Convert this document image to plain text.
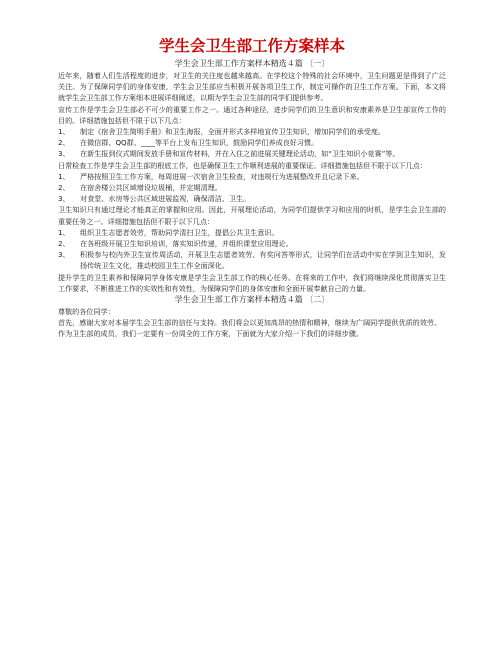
学生会卫生部工作方案样本
学生会卫生部工作方案样本精选４篇 〔一〕

近年来，随着人们生活程度的进步，对卫生的关注度也越来越高。在学校这个特殊的社会环境中，卫生问题更是得到了广泛关注。为了保障同学们的身体安康，学生会卫生部应当积极开展各项卫生工作，制定可操作的卫生工作方案。下面，本文将就学生会卫生部工作方案细本进展详细阐述，以期为学生会卫生部的同学们提供参考。

宣传工作是学生会卫生部必不可少的重要工作之一。通过各种途径，进步同学们的卫生意识和安康素养是卫生部宣传工作的目的。详细措施包括但不限于以下几点：

1、	制定《宿舍卫生简明手册》和卫生海报，全面并形式多样地宣传卫生知识，增加同学们的承受度。
2、	在微信群、QQ群、____等平台上发布卫生知识，鼓励同学们养成良好习惯。
3、	在新生报到仪式期间发放手册和宣传材料，并在入住之前进展关键理论活动，如“卫生知识小竞赛”等。

日常检查工作是学生会卫生部的根底工作，也是确保卫生工作顺利进展的重要保证。详细措施包括但不限于以下几点：

1、	严格按照卫生工作方案，每周进展一次宿舍卫生检查，对违规行为进展整改并且记录下来。
2、	在宿舍楼公共区域增设垃圾桶，并定期清理。
3、	对食堂、水房等公共区域进展监视，确保清洁、卫生。

卫生知识只有通过理论才能真正的掌握和应用。因此，开展理论活动，为同学们提供学习和应用的时机，是学生会卫生部的重要任务之一。详细措施包括但不限于以下几点：

1、	组织卫生志愿者效劳，帮助同学清扫卫生，提倡公共卫生意识。
2、	在各班级开展卫生知识培训，落实知识传递，并组织课堂应用理论。
3、	积极参与校内外卫生宣传周活动，开展卫生志愿者效劳、有奖问答等形式，让同学们在活动中实在学到卫生知识，发扬传统卫生文化，推动校园卫生工作全面深化。

提升学生的卫生素养和保障同学身体安康是学生会卫生部工作的核心任务。在将来的工作中，我们将继续深化贯彻落实卫生工作要求，不断推进工作的实效性和有效性，为保障同学们的身体安康和全面开展奉献自己的力量。

学生会卫生部工作方案样本精选４篇 〔二〕

尊敬的各位同学：

首先，感谢大家对本届学生会卫生部的信任与支持。我们将会以更加高昂的热情和精神，继续为广阔同学提供优质的效劳。

作为卫生部的成员，我们一定要有一份周全的工作方案，下面就为大家介绍一下我们的详细步骤。
